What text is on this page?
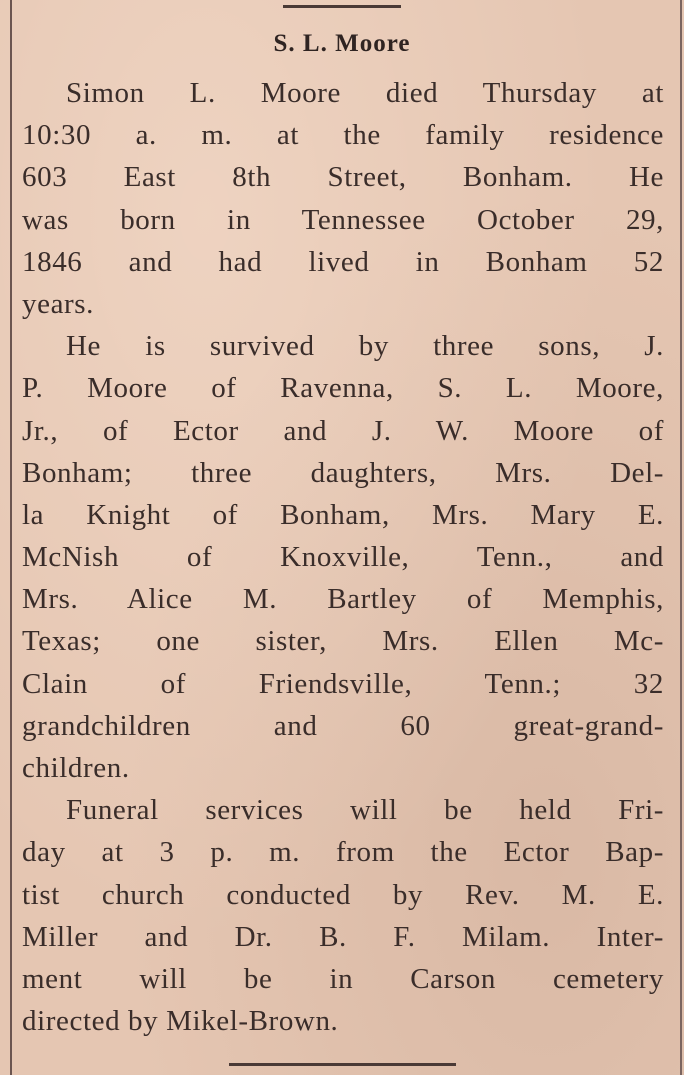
S. L. Moore
Simon L. Moore died Thursday at
10:30 a. m. at the family residence
603 East 8th Street, Bonham. He
was born in Tennessee October 29,
1846 and had lived in Bonham 52
years.
He is survived by three sons, J.
P. Moore of Ravenna, S. L. Moore,
Jr., of Ector and J. W. Moore of
Bonham; three daughters, Mrs. Del-
la Knight of Bonham, Mrs. Mary E.
McNish of Knoxville, Tenn., and
Mrs. Alice M. Bartley of Memphis,
Texas; one sister, Mrs. Ellen Mc-
Clain of Friendsville, Tenn.; 32
grandchildren and 60 great-grand-
children.
Funeral services will be held Fri-
day at 3 p. m. from the Ector Bap-
tist church conducted by Rev. M. E.
Miller and Dr. B. F. Milam. Inter-
ment will be in Carson cemetery
directed by Mikel-Brown.
